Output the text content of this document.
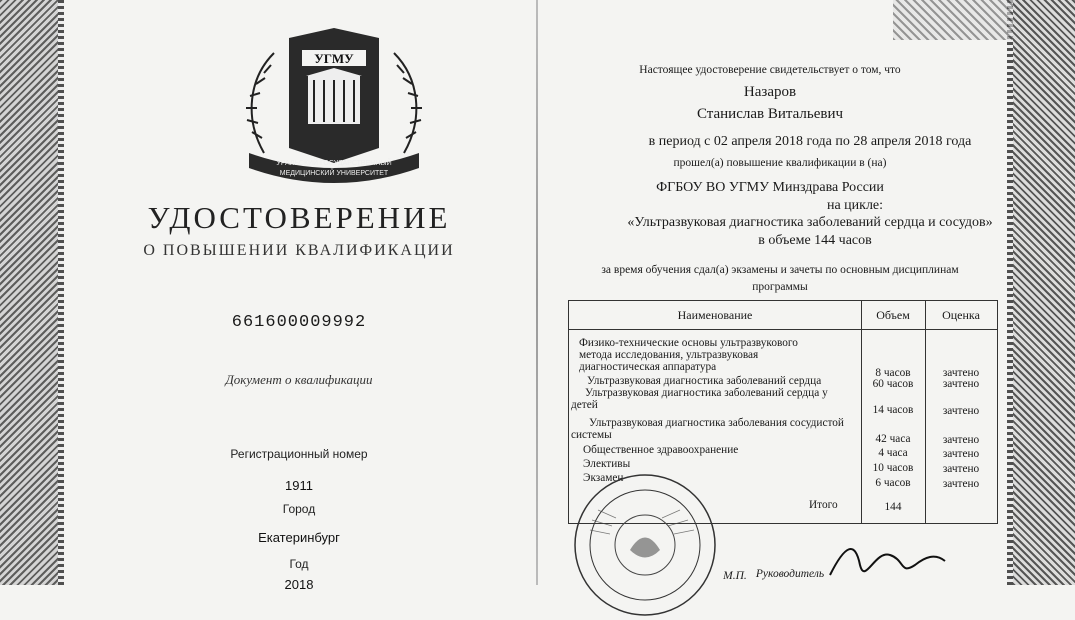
УГМУ
УРАЛЬСКИЙ ГОСУДАРСТВЕННЫЙ
МЕДИЦИНСКИЙ УНИВЕРСИТЕТ
УДОСТОВЕРЕНИЕ
О ПОВЫШЕНИИ КВАЛИФИКАЦИИ
661600009992
Документ о квалификации
Регистрационный номер
1911
Город
Екатеринбург
Год
2018
Настоящее удостоверение свидетельствует о том, что
Назаров
Станислав Витальевич
в период с 02 апреля 2018 года по 28 апреля 2018 года
прошел(а) повышение квалификации в (на)
ФГБОУ ВО УГМУ Минздрава России
на цикле:
«Ультразвуковая диагностика заболеваний сердца и сосудов»
в объеме 144 часов
за время обучения сдал(а) экзамены и зачеты по основным дисциплинам
программы
Наименование	Объем	Оценка
Физико-технические основы ультразвукового
метода исследования, ультразвуковая
диагностическая аппаратура	8 часов	зачтено
Ультразвуковая диагностика заболеваний сердца	60 часов	зачтено
Ультразвуковая диагностика заболеваний сердца у
детей	14 часов	зачтено
Ультразвуковая диагностика заболевания сосудистой
системы	42 часа	зачтено
Общественное здравоохранение	4 часа	зачтено
Элективы	10 часов	зачтено
Экзамен	6 часов	зачтено
Итого	144
М.П. Руководитель
